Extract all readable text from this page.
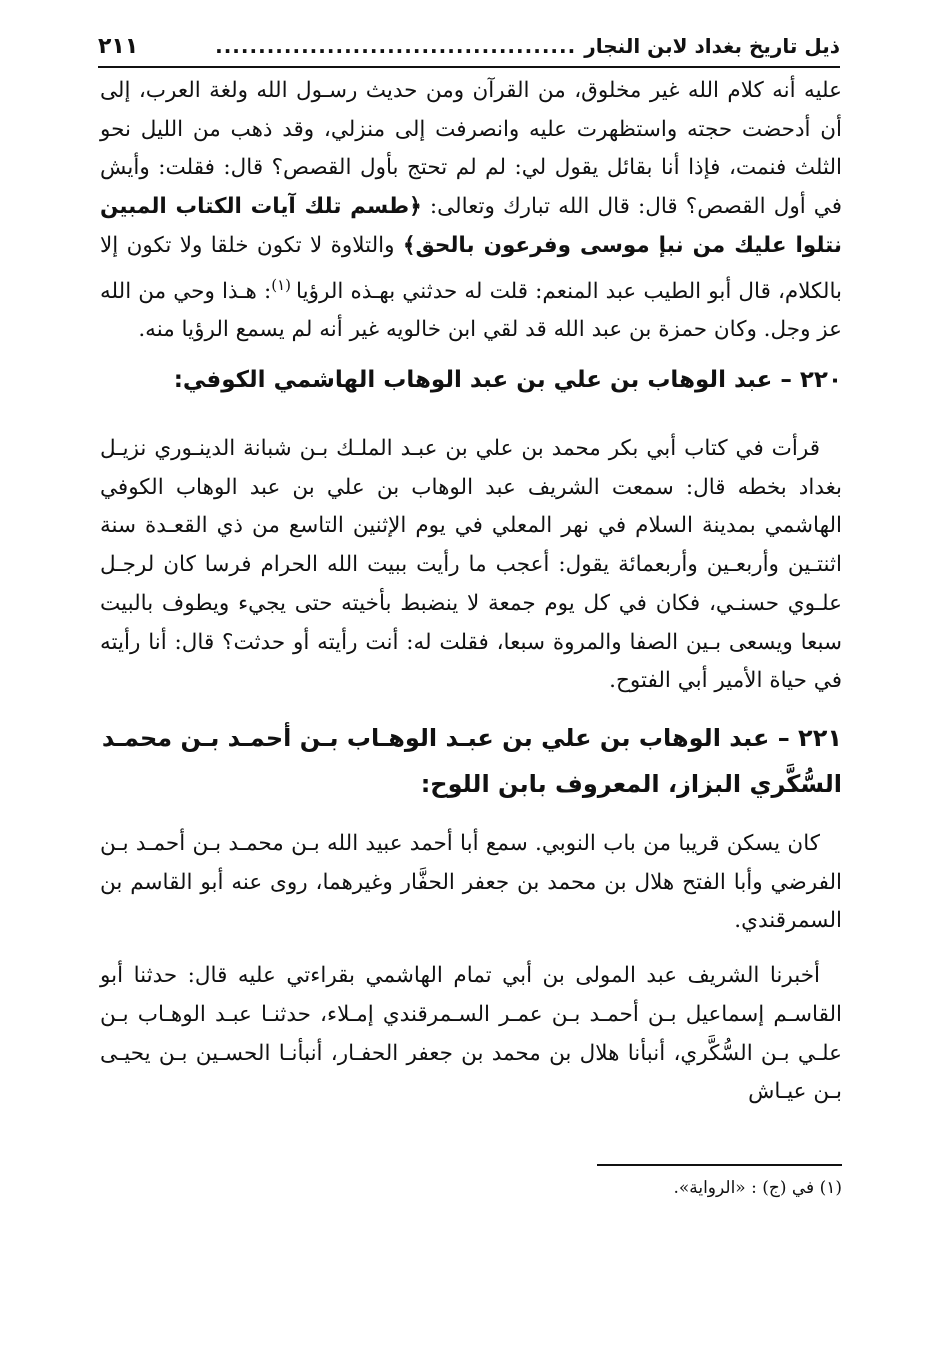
ذيل تاريخ بغداد لابن النجار
..........................................
٢١١

عليه أنه كلام الله غير مخلوق، من القرآن ومن حديث رسـول الله ولغة العرب، إلى أن أدحضت حجته واستظهرت عليه وانصرفت إلى منزلي، وقد ذهب من الليل نحو الثلث فنمت، فإذا أنا بقائل يقول لي: لم لم تحتج بأول القصص؟ قال: فقلت: وأيش في أول القصص؟ قال: قال الله تبارك وتعالى: ﴿طسم تلك آيات الكتاب المبين نتلوا عليك من نبإ موسى وفرعون بالحق﴾ والتلاوة لا تكون خلقا ولا تكون إلا بالكلام، قال أبو الطيب عبد المنعم: قلت له حدثني بهـذه الرؤيا $^{(١)}$: هـذا وحي من الله عز وجل. وكان حمزة بن عبد الله قد لقي ابن خالويه غير أنه لم يسمع الرؤيا منه.

٢٢٠ – عبد الوهاب بن علي بن عبد الوهاب الهاشمي الكوفي:

قرأت في كتاب أبي بكر محمد بن علي بن عبـد الملـك بـن شبانة الدينـوري نزيـل بغداد بخطه قال: سمعت الشريف عبد الوهاب بن علي بن عبد الوهاب الكوفي الهاشمي بمدينة السلام في نهر المعلي في يوم الإثنين التاسع من ذي القعـدة سنة اثنتـين وأربعـين وأربعمائة يقول: أعجب ما رأيت ببيت الله الحرام فرسا كان لرجـل علـوي حسنـي، فكان في كل يوم جمعة لا ينضبط بأخيته حتى يجيء ويطوف بالبيت سبعا ويسعى بـين الصفا والمروة سبعا، فقلت له: أنت رأيته أو حدثت؟ قال: أنا رأيته في حياة الأمير أبي الفتوح.

٢٢١ – عبد الوهاب بن علي بن عبـد الوهـاب بـن أحمـد بـن محمـد السُّكَّري البزاز، المعروف بابن اللوح:

كان يسكن قريبا من باب النوبي. سمع أبا أحمد عبيد الله بـن محمـد بـن أحمـد بـن الفرضي وأبا الفتح هلال بن محمد بن جعفر الحفَّار وغيرهما، روى عنه أبو القاسم بن السمرقندي.

أخبرنا الشريف عبد المولى بن أبي تمام الهاشمي بقراءتي عليه قال: حدثنا أبو القاسـم إسماعيل بـن أحمـد بـن عمـر السـمرقندي إمـلاء، حدثنـا عبـد الوهـاب بـن علـي بـن السُّكَّري، أنبأنا هلال بن محمد بن جعفر الحفـار، أنبأنـا الحسـين بـن يحيـى بـن عيـاش

(١) في (ج) : «الرواية».
